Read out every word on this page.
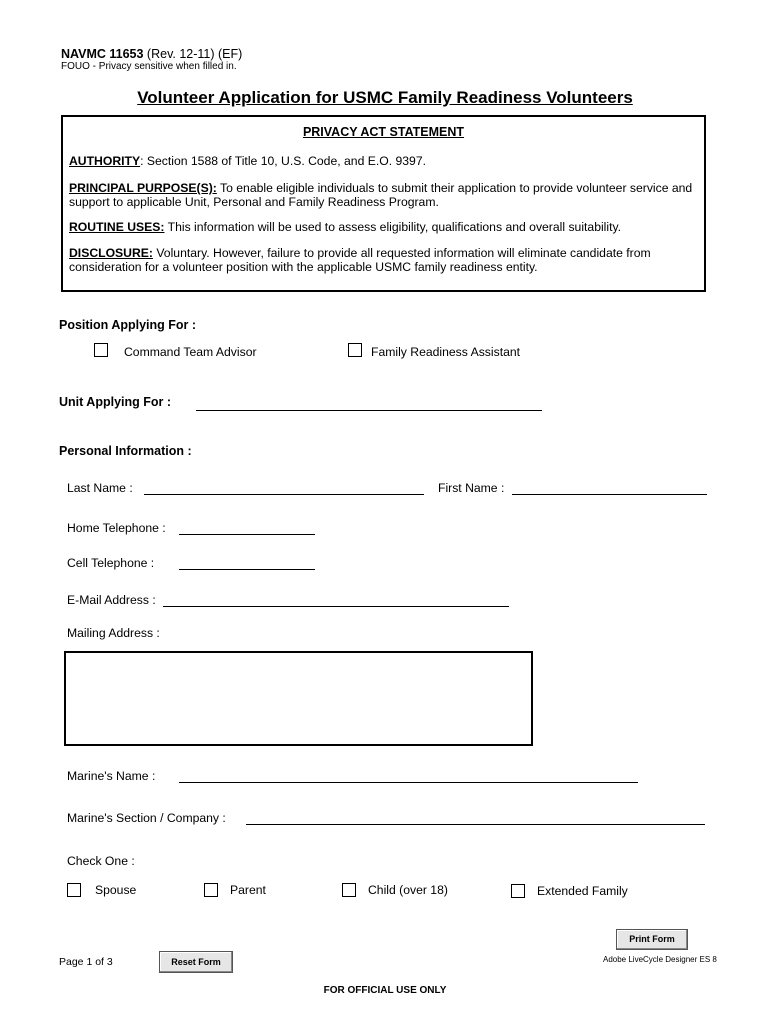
NAVMC 11653 (Rev. 12-11) (EF)
FOUO - Privacy sensitive when filled in.
Volunteer Application for USMC Family Readiness Volunteers
PRIVACY ACT STATEMENT
AUTHORITY: Section 1588 of Title 10, U.S. Code, and E.O. 9397.
PRINCIPAL PURPOSE(S): To enable eligible individuals to submit their application to provide volunteer service and support to applicable Unit, Personal and Family Readiness Program.
ROUTINE USES: This information will be used to assess eligibility, qualifications and overall suitability.
DISCLOSURE: Voluntary. However, failure to provide all requested information will eliminate candidate from consideration for a volunteer position with the applicable USMC family readiness entity.
Position Applying For :
Command Team Advisor	Family Readiness Assistant
Unit Applying For :
Personal Information :
Last Name :	First Name :
Home Telephone :
Cell Telephone :
E-Mail Address :
Mailing Address :
Marine's Name :
Marine's Section / Company :
Check One :
Spouse	Parent	Child (over 18)	Extended Family
Print Form
Adobe LiveCycle Designer ES 8
Page 1 of 3	Reset Form
FOR OFFICIAL USE ONLY
